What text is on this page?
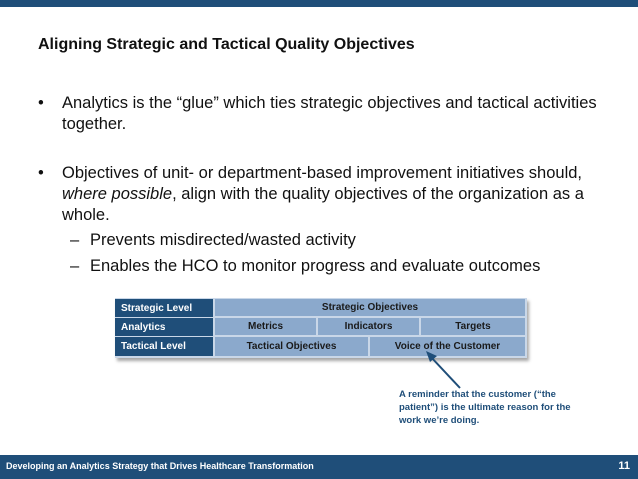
Aligning Strategic and Tactical Quality Objectives
• Analytics is the “glue” which ties strategic objectives and tactical activities together.
• Objectives of unit- or department-based improvement initiatives should, where possible, align with the quality objectives of the organization as a whole.
– Prevents misdirected/wasted activity
– Enables the HCO to monitor progress and evaluate outcomes
Strategic Level	Strategic Objectives
Analytics	Metrics	Indicators	Targets
Tactical Level	Tactical Objectives	Voice of the Customer
A reminder that the customer (“the patient”) is the ultimate reason for the work we’re doing.
Developing an Analytics Strategy that Drives Healthcare Transformation	11
